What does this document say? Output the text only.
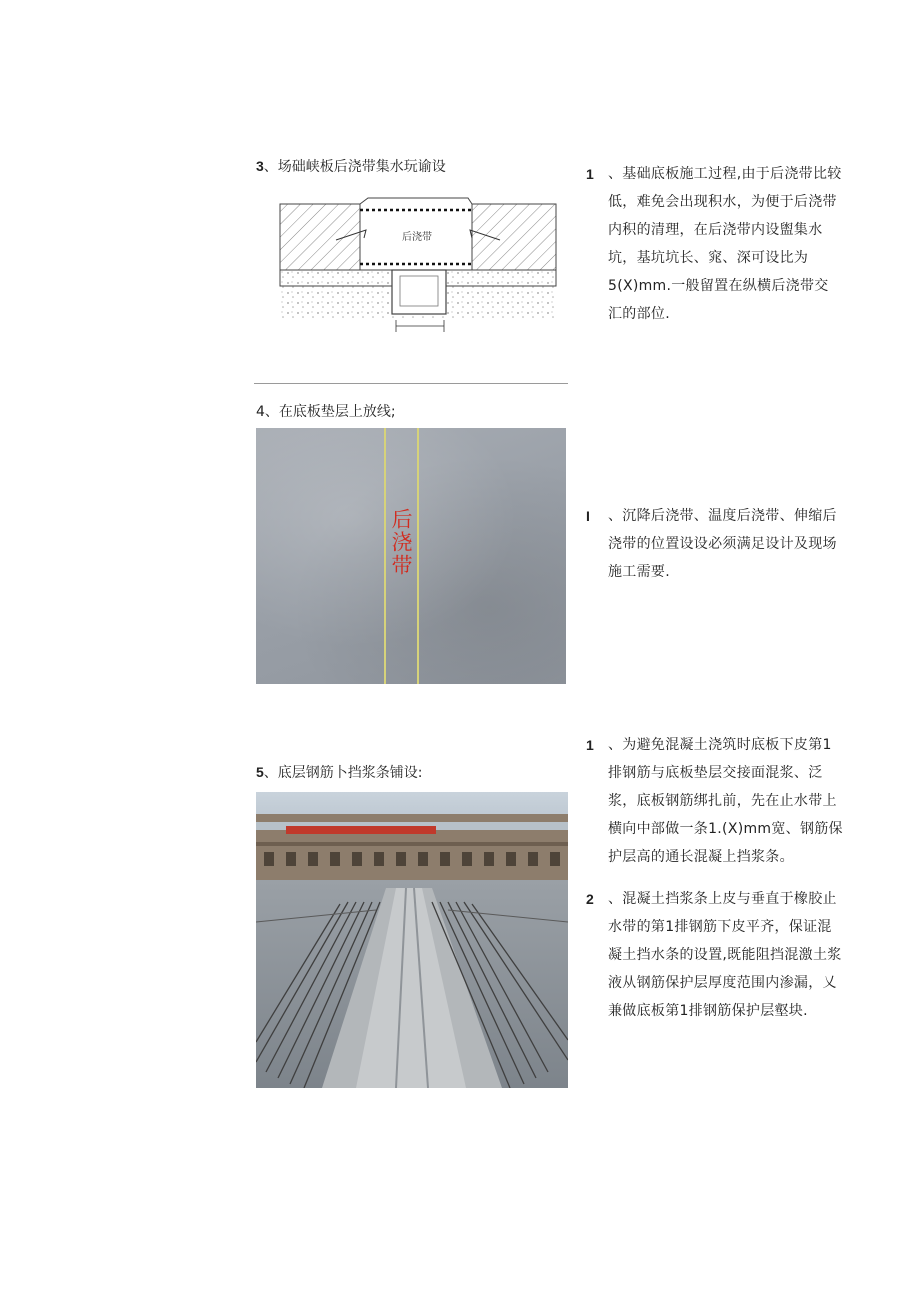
3、场础峡板后浇带集水玩谕设
后浇带
1	、基础底板施工过程,由于后浇带比较低，难免会出现积水，为便于后浇带内积的清理，在后浇带内设盥集水坑，基坑坑长、窕、深可设比为5(X)mm.一般留置在纵横后浇带交汇的部位.
4、在底板垫层上放线;
后浇带	I	、沉降后浇带、温度后浇带、伸缩后浇带的位置设设必须满足设计及现场施工需要.
5、底层钢筋卜挡浆条铺设:
1	、为避免混凝土浇筑时底板下皮第1排钢筋与底板垫层交接面混浆、泛浆，底板钢筋绑扎前，先在止水带上横向中部做一条1.(X)mm宽、钢筋保护层高的通长混凝上挡浆条。
2	、混凝土挡浆条上皮与垂直于橡胶止水带的第1排钢筋下皮平齐，保证混凝土挡水条的设置,既能阻挡混激土浆液从钢筋保护层厚度范围内渗漏，乂兼做底板第1排钢筋保护层壑块.
